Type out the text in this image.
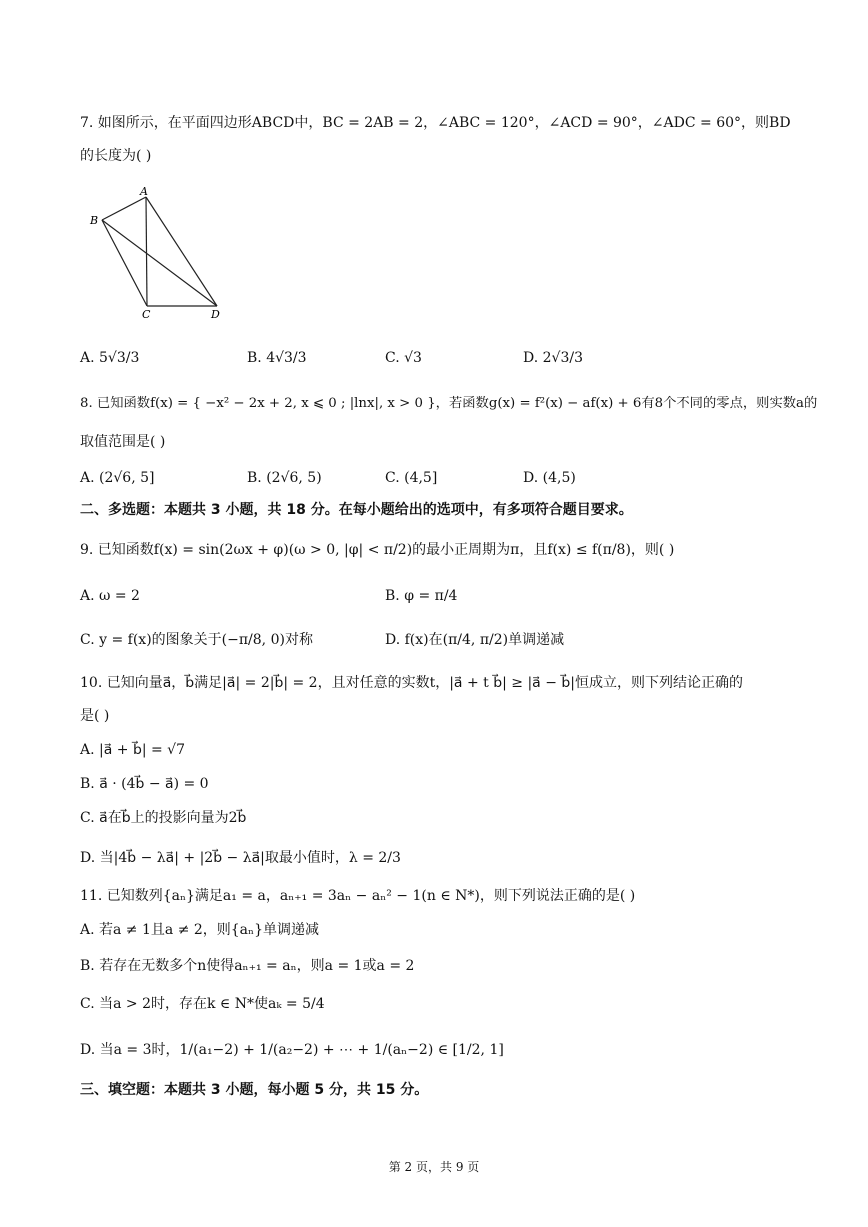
7. 如图所示，在平面四边形ABCD中，BC = 2AB = 2，∠ABC = 120°，∠ACD = 90°，∠ADC = 60°，则BD
的长度为( )
A
B
C	D
A. 5√3/3	B. 4√3/3	C. √3	D. 2√3/3
8. 已知函数f(x) = { −x² − 2x + 2, x ⩽ 0 ; |lnx|, x > 0 }，若函数g(x) = f²(x) − af(x) + 6有8个不同的零点，则实数a的
取值范围是( )
A. (2√6, 5]	B. (2√6, 5)	C. (4,5]	D. (4,5)
二、多选题：本题共 3 小题，共 18 分。在每小题给出的选项中，有多项符合题目要求。
9. 已知函数f(x) = sin(2ωx + φ)(ω > 0, |φ| < π/2)的最小正周期为π，且f(x) ≤ f(π/8)，则( )
A. ω = 2	B. φ = π/4
C. y = f(x)的图象关于(−π/8, 0)对称	D. f(x)在(π/4, π/2)单调递减
10. 已知向量a⃗，b⃗满足|a⃗| = 2|b⃗| = 2，且对任意的实数t，|a⃗ + t b⃗| ≥ |a⃗ − b⃗|恒成立，则下列结论正确的
是( )
A. |a⃗ + b⃗| = √7
B. a⃗ · (4b⃗ − a⃗) = 0
C. a⃗在b⃗上的投影向量为2b⃗
D. 当|4b⃗ − λa⃗| + |2b⃗ − λa⃗|取最小值时，λ = 2/3
11. 已知数列{aₙ}满足a₁ = a，aₙ₊₁ = 3aₙ − aₙ² − 1(n ∈ N*)，则下列说法正确的是( )
A. 若a ≠ 1且a ≠ 2，则{aₙ}单调递减
B. 若存在无数多个n使得aₙ₊₁ = aₙ，则a = 1或a = 2
C. 当a > 2时，存在k ∈ N*使aₖ = 5/4
D. 当a = 3时，1/(a₁−2) + 1/(a₂−2) + ⋯ + 1/(aₙ−2) ∈ [1/2, 1]
三、填空题：本题共 3 小题，每小题 5 分，共 15 分。
第 2 页，共 9 页
